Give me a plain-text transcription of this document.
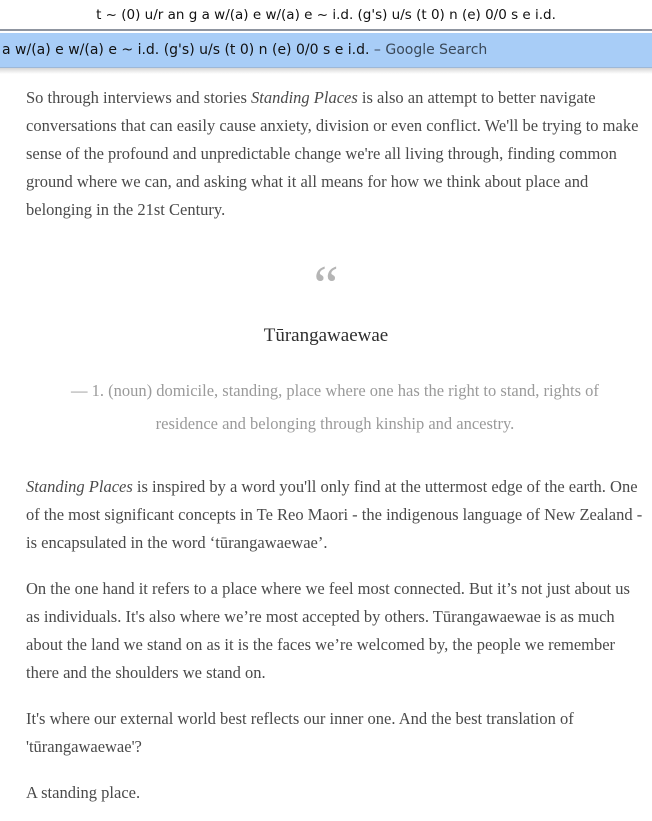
So through interviews and stories Standing Places is also an attempt to better navigate conversations that can easily cause anxiety, division or even conflict. We'll be trying to make sense of the profound and unpredictable change we're all living through, finding common ground where we can, and asking what it all means for how we think about place and belonging in the 21st Century.

“
Tūrangawaewae
— 1. (noun) domicile, standing, place where one has the right to stand, rights of residence and belonging through kinship and ancestry.

Standing Places is inspired by a word you'll only find at the uttermost edge of the earth. One of the most significant concepts in Te Reo Maori - the indigenous language of New Zealand - is encapsulated in the word ‘tūrangawaewae’.

On the one hand it refers to a place where we feel most connected. But it’s not just about us as individuals. It's also where we’re most accepted by others. Tūrangawaewae is as much about the land we stand on as it is the faces we’re welcomed by, the people we remember there and the shoulders we stand on.

It's where our external world best reflects our inner one. And the best translation of 'tūrangawaewae'?

A standing place.

t ~ (0) u/r an g a w/(a) e w/(a) e ~ i.d. (g's) u/s (t 0) n (e) 0/0 s e i.d.
a w/(a) e w/(a) e ~ i.d. (g's) u/s (t 0) n (e) 0/0 s e i.d. – Google Search
